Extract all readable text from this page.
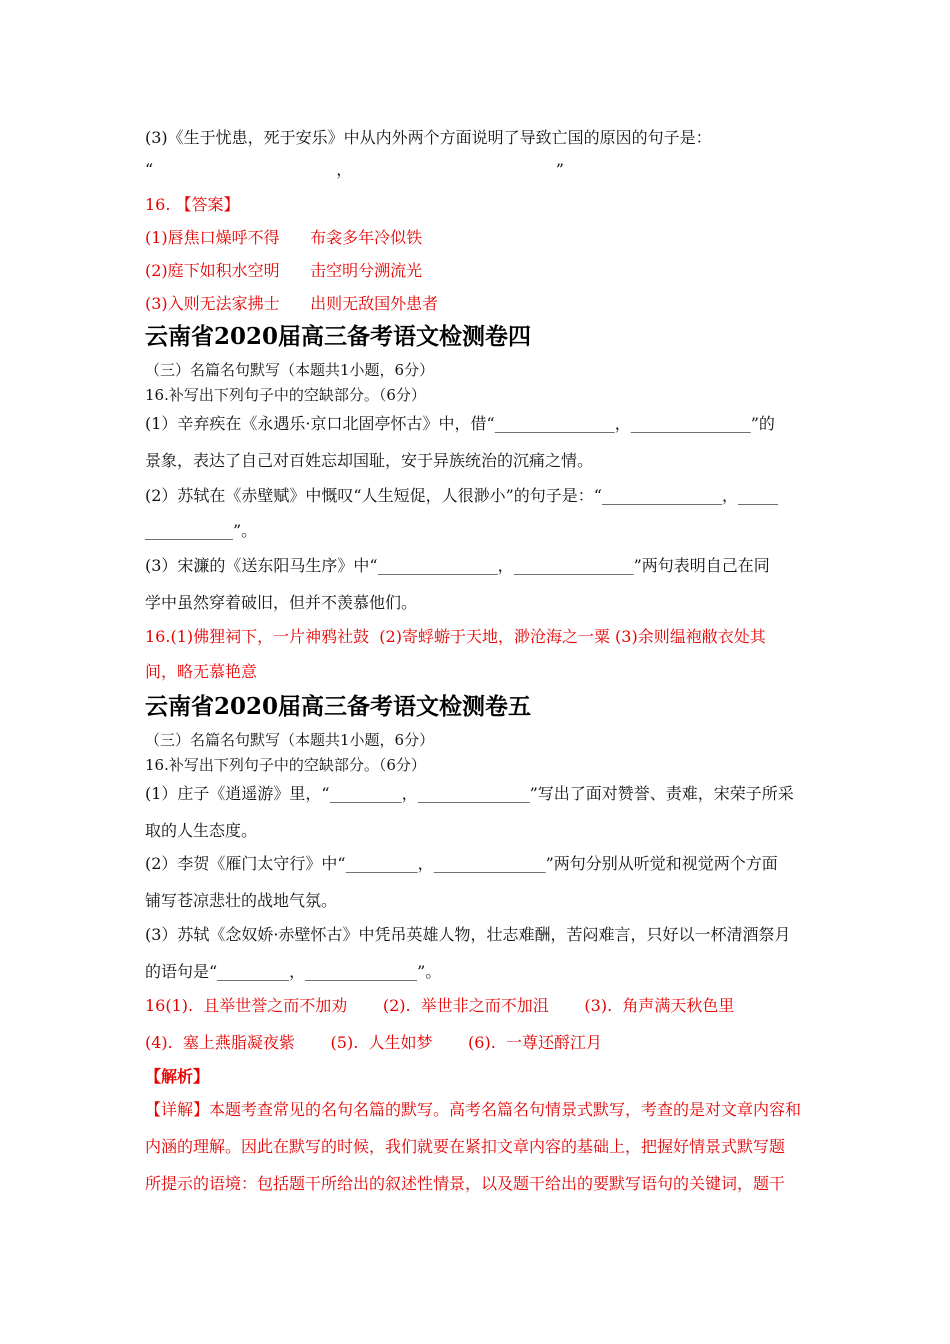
(3)《生于忧患，死于安乐》中从内外两个方面说明了导致亡国的原因的句子是：
“                                    ，                                        ”
16. 【答案】
(1)唇焦口燥呼不得      布衾多年冷似铁
(2)庭下如积水空明      击空明兮溯流光
(3)入则无法家拂士      出则无敌国外患者
云南省2020届高三备考语文检测卷四
（三）名篇名句默写（本题共1小题，6分）
16.补写出下列句子中的空缺部分。（6分）
(1）辛弃疾在《永遇乐·京口北固亭怀古》中，借“_______________，_______________”的
景象，表达了自己对百姓忘却国耻，安于异族统治的沉痛之情。
(2）苏轼在《赤壁赋》中慨叹“人生短促，人很渺小”的句子是：“_______________，_____
___________”。
(3）宋濂的《送东阳马生序》中“_______________，_______________”两句表明自己在同
学中虽然穿着破旧，但并不羡慕他们。
16.(1)佛狸祠下，一片神鸦社鼓  (2)寄蜉蝣于天地，渺沧海之一粟 (3)余则缊袍敝衣处其
间，略无慕艳意
云南省2020届高三备考语文检测卷五
（三）名篇名句默写（本题共1小题，6分）
16.补写出下列句子中的空缺部分。（6分）
(1）庄子《逍遥游》里，“_________，______________”写出了面对赞誉、责难，宋荣子所采
取的人生态度。
(2）李贺《雁门太守行》中“_________，______________”两句分别从听觉和视觉两个方面
铺写苍凉悲壮的战地气氛。
(3）苏轼《念奴娇·赤壁怀古》中凭吊英雄人物，壮志难酬，苦闷难言，只好以一杯清酒祭月
的语句是“_________，______________”。
16(1).  且举世誉之而不加劝       (2).  举世非之而不加沮       (3).  角声满天秋色里
(4).  塞上燕脂凝夜紫       (5).  人生如梦       (6).  一尊还酹江月
【解析】
【详解】本题考查常见的名句名篇的默写。高考名篇名句情景式默写，考查的是对文章内容和
内涵的理解。因此在默写的时候，我们就要在紧扣文章内容的基础上，把握好情景式默写题
所提示的语境：包括题干所给出的叙述性情景，以及题干给出的要默写语句的关键词，题干
